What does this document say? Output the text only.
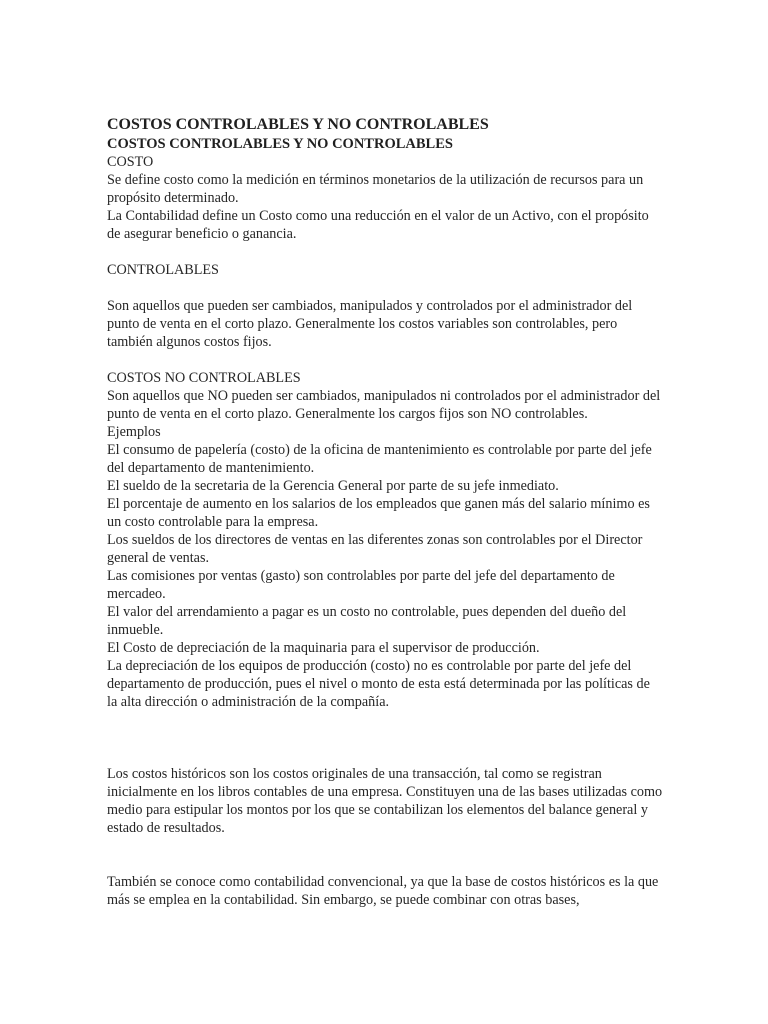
COSTOS CONTROLABLES Y NO CONTROLABLES
COSTOS CONTROLABLES Y NO CONTROLABLES

COSTO

Se define costo como la medición en términos monetarios de la utilización de recursos para un propósito determinado.

La Contabilidad define un Costo como una reducción en el valor de un Activo, con el propósito de asegurar beneficio o ganancia.

CONTROLABLES

Son aquellos que pueden ser cambiados, manipulados y controlados por el administrador del punto de venta en el corto plazo. Generalmente los costos variables son controlables, pero también algunos costos fijos.

COSTOS NO CONTROLABLES

Son aquellos que NO pueden ser cambiados, manipulados ni controlados por el administrador del punto de venta en el corto plazo. Generalmente los cargos fijos son NO controlables.

Ejemplos

El consumo de papelería (costo) de la oficina de mantenimiento es controlable por parte del jefe del departamento de mantenimiento.

El sueldo de la secretaria de la Gerencia General por parte de su jefe inmediato.

El porcentaje de aumento en los salarios de los empleados que ganen más del salario mínimo es un costo controlable para la empresa.

Los sueldos de los directores de ventas en las diferentes zonas son controlables por el Director general de ventas.

Las comisiones por ventas (gasto) son controlables por parte del jefe del departamento de mercadeo.

El valor del arrendamiento a pagar es un costo no controlable, pues dependen del dueño del inmueble.

El Costo de depreciación de la maquinaria para el supervisor de producción.

La depreciación de los equipos de producción (costo) no es controlable por parte del jefe del departamento de producción, pues el nivel o monto de esta está determinada por las políticas de la alta dirección o administración de la compañía.

Los costos históricos son los costos originales de una transacción, tal como se registran inicialmente en los libros contables de una empresa. Constituyen una de las bases utilizadas como medio para estipular los montos por los que se contabilizan los elementos del balance general y estado de resultados.

También se conoce como contabilidad convencional, ya que la base de costos históricos es la que más se emplea en la contabilidad. Sin embargo, se puede combinar con otras bases,
